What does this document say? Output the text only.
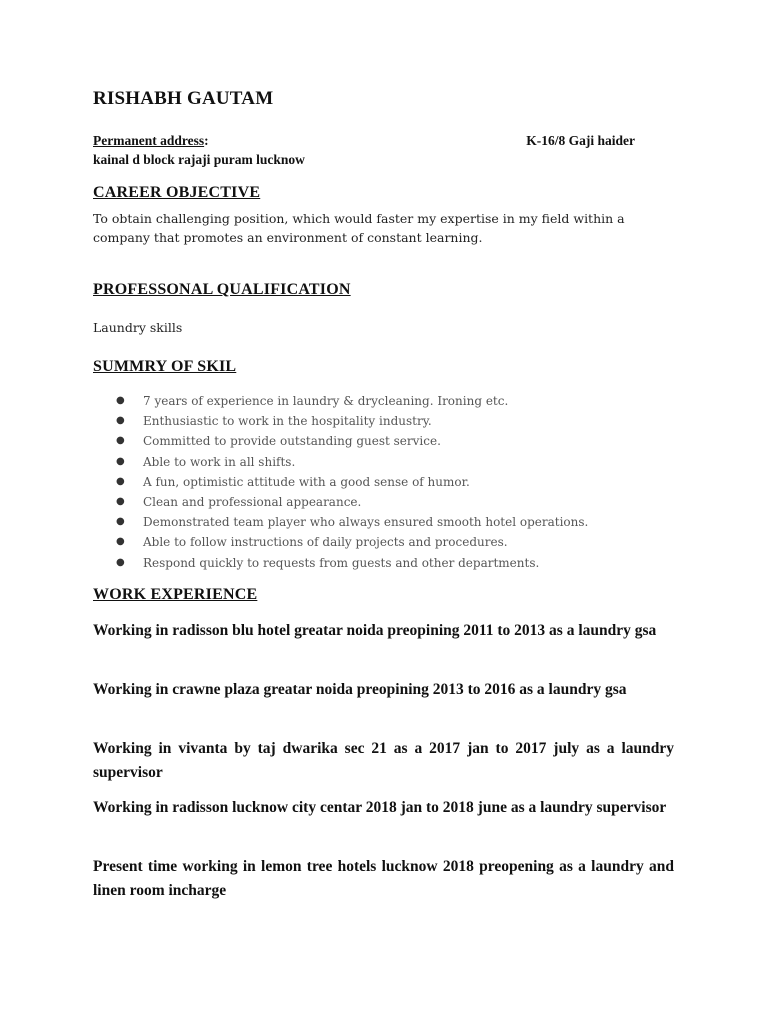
RISHABH GAUTAM
Permanent address:	K-16/8 Gaji haider
kainal d block rajaji puram lucknow
CAREER OBJECTIVE

To obtain challenging position, which would faster my expertise in my field within a company that promotes an environment of constant learning.

PROFESSONAL QUALIFICATION

Laundry skills

SUMMRY OF SKIL
● 7 years of experience in laundry & drycleaning. Ironing etc.
● Enthusiastic to work in the hospitality industry.
● Committed to provide outstanding guest service.
● Able to work in all shifts.
● A fun, optimistic attitude with a good sense of humor.
● Clean and professional appearance.
● Demonstrated team player who always ensured smooth hotel operations.
● Able to follow instructions of daily projects and procedures.
● Respond quickly to requests from guests and other departments.
WORK EXPERIENCE

Working in radisson blu hotel greatar noida preopining 2011 to 2013 as a laundry gsa

Working in crawne plaza greatar noida preopining 2013 to 2016 as a laundry gsa

Working in vivanta by taj dwarika sec 21 as a 2017 jan to 2017 july as a laundry supervisor

Working in radisson lucknow city centar 2018 jan to 2018 june as a laundry supervisor

Present time working in lemon tree hotels lucknow 2018 preopening as a laundry and linen room incharge
